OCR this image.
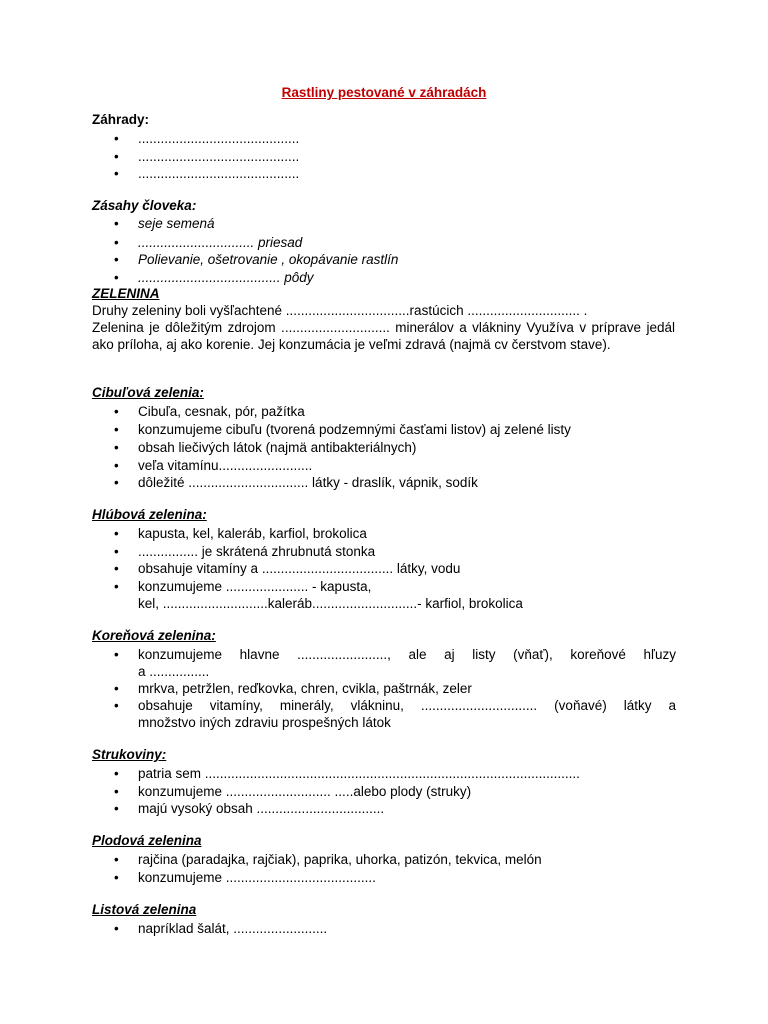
Rastliny pestované v záhradách
Záhrady:
• ...........................................
• ...........................................
• ...........................................
Zásahy človeka:
• seje semená
• ............................... priesad
• Polievanie, ošetrovanie , okopávanie rastlín
• ...................................... pôdy
ZELENINA
Druhy zeleniny boli vyšľachtené .................................rastúcich .............................. .
Zelenina je dôležitým zdrojom ............................. minerálov a vlákniny Využíva v príprave jedál ako príloha, aj ako korenie. Jej konzumácia je veľmi zdravá (najmä cv čerstvom stave).
Cibuľová zelenia:
• Cibuľa, cesnak, pór, pažítka
• konzumujeme cibuľu (tvorená podzemnými časťami listov) aj zelené listy
• obsah liečivých látok (najmä antibakteriálnych)
• veľa vitamínu.........................
• dôležité ................................ látky - draslík, vápnik, sodík
Hlúbová zelenina:
• kapusta, kel, kaleráb, karfiol, brokolica
• ................ je skrátená zhrubnutá stonka
• obsahuje vitamíny a ................................... látky, vodu
• konzumujeme ...................... - kapusta,
kel, ............................kaleráb............................- karfiol, brokolica
Koreňová zelenina:
• konzumujeme hlavne ........................, ale aj listy (vňať), koreňové hľuzy
a ................
• mrkva, petržlen, reďkovka, chren, cvikla, paštrnák, zeler
• obsahuje vitamíny, minerály, vlákninu, ............................... (voňavé) látky a
množstvo iných zdraviu prospešných látok
Strukoviny:
• patria sem ....................................................................................................
• konzumujeme ............................ .....alebo plody (struky)
• majú vysoký obsah ..................................
Plodová zelenina
• rajčina (paradajka, rajčiak), paprika, uhorka, patizón, tekvica, melón
• konzumujeme ........................................
Listová zelenina
• napríklad šalát, .........................
